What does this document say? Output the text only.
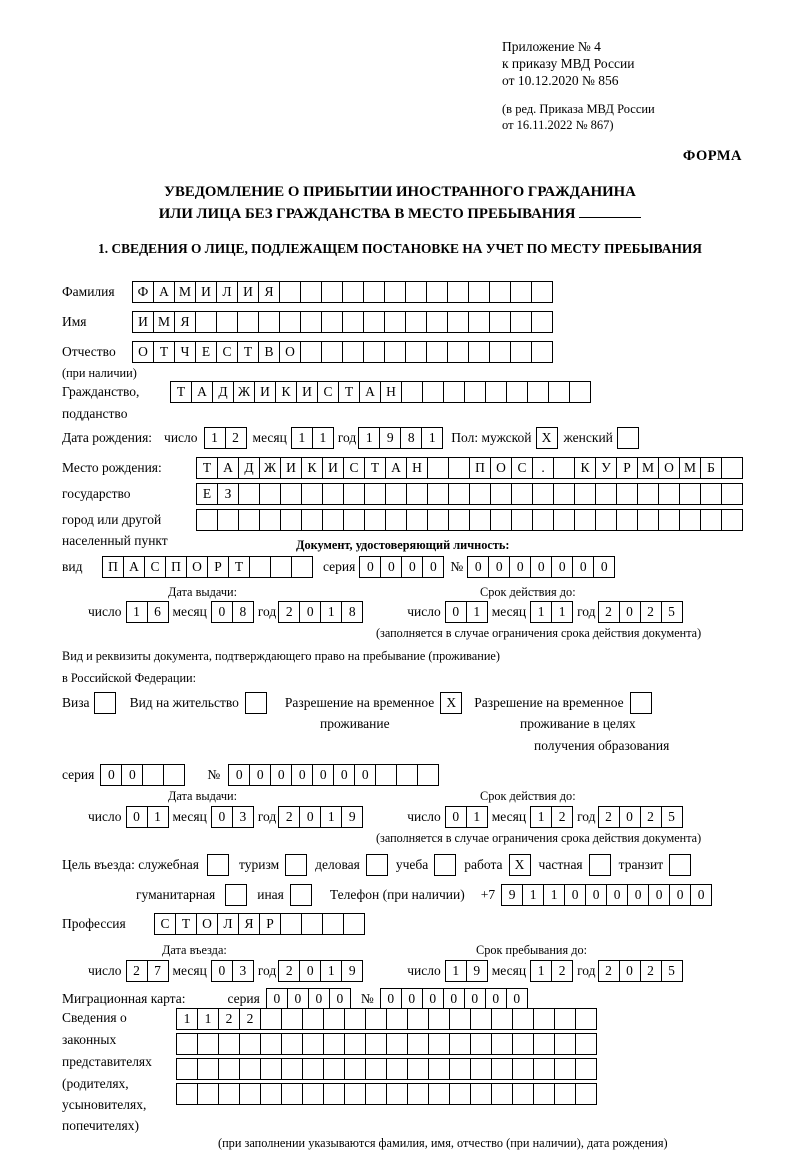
Приложение № 4
к приказу МВД России
от 10.12.2020 № 856
(в ред. Приказа МВД России
от 16.11.2022 № 867)
ФОРМА
УВЕДОМЛЕНИЕ О ПРИБЫТИИ ИНОСТРАННОГО ГРАЖДАНИНА
ИЛИ ЛИЦА БЕЗ ГРАЖДАНСТВА В МЕСТО ПРЕБЫВАНИЯ
1. СВЕДЕНИЯ О ЛИЦЕ, ПОДЛЕЖАЩЕМ ПОСТАНОВКЕ НА УЧЕТ ПО МЕСТУ ПРЕБЫВАНИЯ
Фамилия	Ф А М И Л И Я
Имя	И М Я
Отчество	О Т Ч Е С Т В О
(при наличии)
Гражданство,	Т А Д Ж И К И С Т А Н
подданство
Дата рождения: число	1	2	месяц 1	1 год 1	9	8	1	Пол: мужской X женский
Место рождения:	Т А Д Ж И К И С Т А Н	П О С	.	К У Р М О М Б
государство	Е З
город или другой
населенный пункт	Документ, удостоверяющий личность:
вид	П А С П О Р Т	серия 0	0	0	0	№ 0	0	0	0	0	0	0
Дата выдачи:	Срок действия до:
число 1	6 месяц 0	8 год 2	0	1	8	число 0	1 месяц 1	1 год 2	0	2	5
(заполняется в случае ограничения срока действия документа)
Вид и реквизиты документа, подтверждающего право на пребывание (проживание)
в Российской Федерации:
Виза	Вид на жительство	Разрешение на временное X	Разрешение на временное
проживание	проживание в целях
получения образования
серия	0	0	№	0	0	0	0	0	0	0
Дата выдачи:	Срок действия до:
число 0	1 месяц 0	3 год 2	0	1	9	число 0	1 месяц 1	2 год 2	0	2	5
(заполняется в случае ограничения срока действия документа)
Цель въезда: служебная	туризм	деловая	учеба	работа X	частная	транзит
гуманитарная	иная	Телефон (при наличии) +7	9	1	1	0	0	0	0	0	0	0
Профессия	С Т О Л Я Р
Дата въезда:	Срок пребывания до:
число 2	7 месяц 0	3 год 2	0	1	9	число 1	9 месяц 1	2 год 2	0	2	5
Миграционная карта:	серия	0	0	0	0	№	0	0	0	0	0	0	0
Сведения о
законных
представителях
(родителях,
усыновителях,
попечителях)
1	1	2	2
(при заполнении указываются фамилия, имя, отчество (при наличии), дата рождения)
